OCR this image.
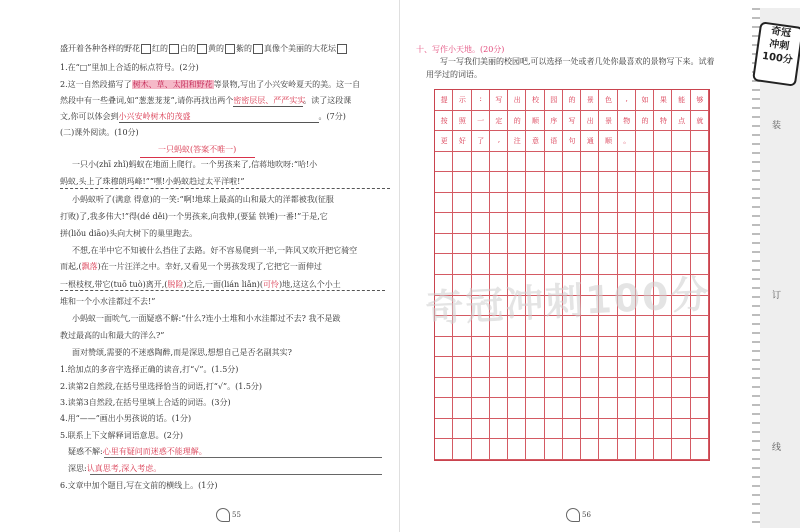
盛开着各种各样的野花 红的 白的 黄的 紫的 真像个美丽的大花坛
1.在“□”里加上合适的标点符号。(2分)
2.这一自然段描写了树木、草、太阳和野花等景物,写出了小兴安岭夏天的美。这一自
然段中有一些叠词,如“葱葱茏茏”,请你再找出两个密密层层、严严实实。读了这段课
文,你可以体会到小兴安岭树木的茂盛	。(7分)
(二)课外阅读。(10分)
一只蚂蚁(答案不唯一)
一只小(zhī zhǐ)蚂蚁在地面上爬行。一个男孩来了,信蒋地吹呀:“哈!小
蚂蚁,头上了珠穆朗玛峰!”“嘿!小蚂蚁趋过太平洋啦!”
小蚂蚁听了(满意 得意)的一笑:“啊!地球上最高的山和最大的洋都被我(征服
打败)了,我多伟大!”得(dé děi)一个男孩来,向我伸,(要猛 铁锤)一番!”于是,它
拼(liǒu diāo)头向大树下的巢里跑去。
不想,在半中它不知被什么挡住了去路。好不容易爬到一半,一阵风又吹开把它骑空
而起,(飘落)在一片汪洋之中。幸好,又看见一个男孩发现了,它把它一面伸过
一根枝杈,带它(tuō tuò)离开,(脱险)之后,一面(lián liǎn)(可怜)地,这这么个小土
堆和一个小水洼都过不去!”
小蚂蚁一面吮气,一面疑惑不解:“什么?连小土堆和小水洼都过不去? 我不是跋
教过最高的山和最大的洋么?”
面对赞颂,需要的不迷惑陶醉,而是深思,想想自己是否名副其实?
1.给加点的多音字选择正确的读音,打“√”。(1.5分)
2.读第2自然段,在括号里选择恰当的词语,打“√”。(1.5分)
3.读第3自然段,在括号里填上合适的词语。(3分)
4.用“——”画出小男孩说的话。(1分)
5.联系上下文解释词语意思。(2分)
疑惑不解:心里有疑问而迷惑不能理解。
深思:认真思考,深入考虑。
6.文章中加个题目,写在文前的横线上。(1分)
55
十、写作小天地。(20分)
写一写我们美丽的校园吧,可以选择一处或者几处你最喜欢的景物写下来。试着
用学过的词语。
提	示	:	写	出	校	园	的	景	色	,	如	果	能	够
按	照	一	定	的	顺	序	写	出	景	物	的	特	点	就
更	好	了	,	注	意	语	句	通	顺	。
奇冠冲刺100分
56
奇冠
冲刺
100分
装
订
线
